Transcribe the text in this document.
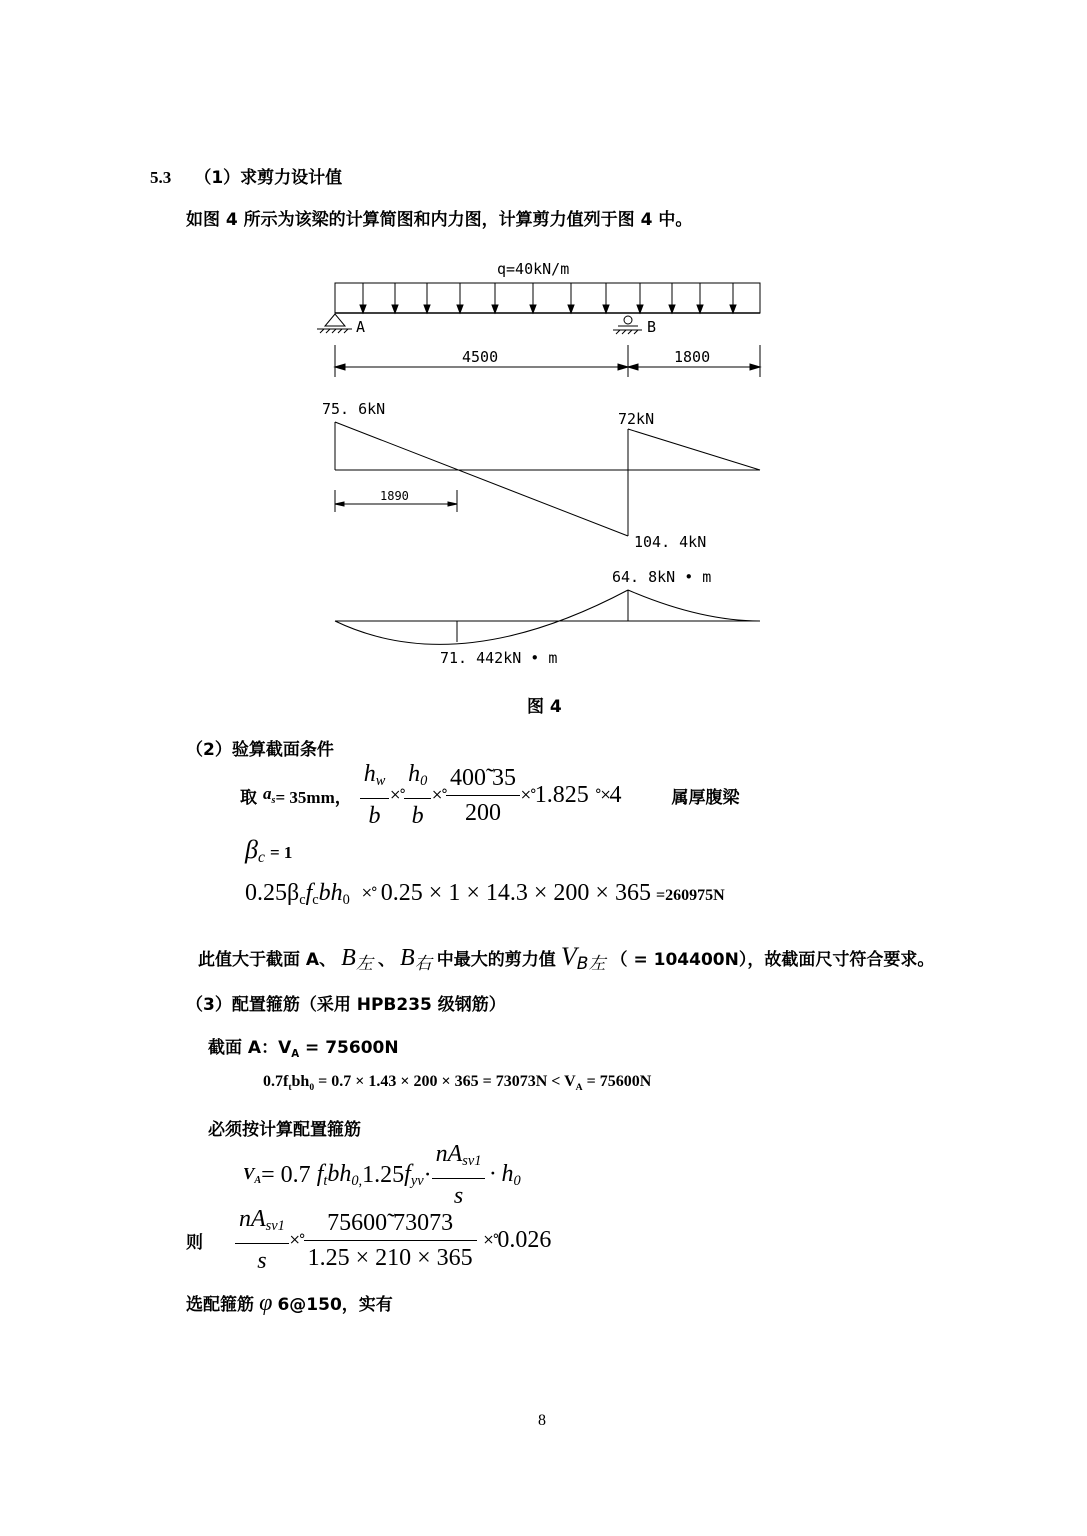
5.3 （1）求剪力设计值
如图 4 所示为该梁的计算简图和内力图，计算剪力值列于图 4 中。
q=40kN/m
A	B
4500	1800
75. 6kN
72kN
104. 4kN
1890
64. 8kN • m
71. 442kN • m
图 4
（2）验算截面条件
取 $a_s = 35mm$， $\frac{h_w}{b}$ ×° $\frac{h_0}{b}$ ×° $\frac{400̃ 35}{200}$ ×° 1.825 °× 4	属厚腹梁
$\beta_c = 1$
$0.25\beta_cf_cbh_0$ ×° 0.25 × 1 × 14.3 × 200 × 365 =260975N
此值大于截面 A、 $B_左$ 、 $B_右$ 中最大的剪力值 $V_{B左}$ （ = 104400N），故截面尺寸符合要求。
（3）配置箍筋（采用 HPB235 级钢筋）
截面 A：$V_A = 75600N$
$0.7f_tbh_0 = 0.7 \times 1.43 \times 200 \times 365 = 73073N < V_A = 75600N$
必须按计算配置箍筋
$V_A = 0.7$ $f_tbh_{0,}$ 1.25 $f_{yv} \cdot \frac{nA_{sv1}}{s} \cdot h_0$
则 $\frac{nA_{sv1}}{s}$ ×° $\frac{75600̃ 73073}{1.25 \times 210 \times 365}$ ×° 0.026
选配箍筋 φ 6@150，实有
8
